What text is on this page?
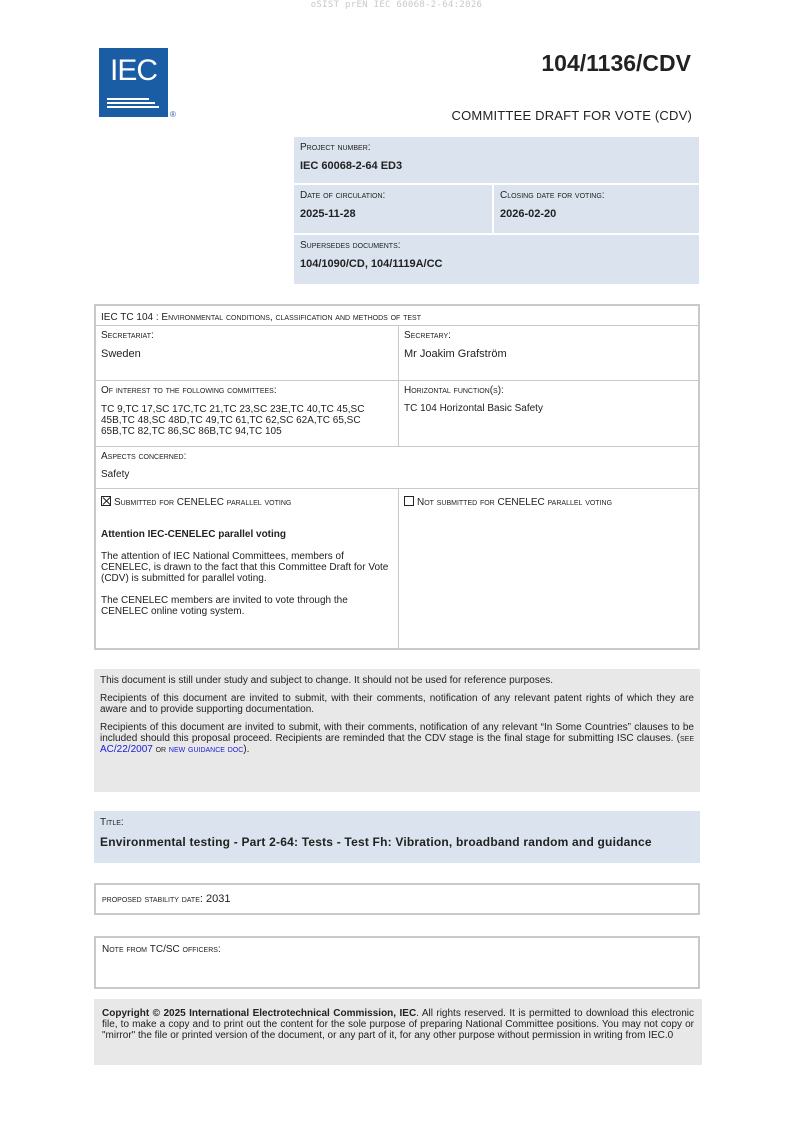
oSIST prEN IEC 60068-2-64:2026
IEC
®
104/1136/CDV
COMMITTEE DRAFT FOR VOTE (CDV)
Project number:
IEC 60068-2-64 ED3
Date of circulation:
2025-11-28
Closing date for voting:
2026-02-20
Supersedes documents:
104/1090/CD, 104/1119A/CC
IEC TC 104 : Environmental conditions, classification and methods of test
Secretariat:
Sweden
Secretary:
Mr Joakim Grafström
Of interest to the following committees:
TC 9,TC 17,SC 17C,TC 21,TC 23,SC 23E,TC 40,TC 45,SC 45B,TC 48,SC 48D,TC 49,TC 61,TC 62,SC 62A,TC 65,SC 65B,TC 82,TC 86,SC 86B,TC 94,TC 105
Horizontal function(s):
TC 104 Horizontal Basic Safety
Aspects concerned:
Safety
Submitted for CENELEC parallel voting
Attention IEC-CENELEC parallel voting
The attention of IEC National Committees, members of CENELEC, is drawn to the fact that this Committee Draft for Vote (CDV) is submitted for parallel voting.
The CENELEC members are invited to vote through the CENELEC online voting system.
Not submitted for CENELEC parallel voting

This document is still under study and subject to change. It should not be used for reference purposes.

Recipients of this document are invited to submit, with their comments, notification of any relevant patent rights of which they are aware and to provide supporting documentation.

Recipients of this document are invited to submit, with their comments, notification of any relevant “In Some Countries” clauses to be included should this proposal proceed. Recipients are reminded that the CDV stage is the final stage for submitting ISC clauses. (see AC/22/2007 or new guidance doc).

Title:
Environmental testing - Part 2-64: Tests - Test Fh: Vibration, broadband random and guidance
proposed stability date: 2031
Note from TC/SC officers:
Copyright © 2025 International Electrotechnical Commission, IEC. All rights reserved. It is permitted to download this electronic file, to make a copy and to print out the content for the sole purpose of preparing National Committee positions. You may not copy or "mirror" the file or printed version of the document, or any part of it, for any other purpose without permission in writing from IEC.0
